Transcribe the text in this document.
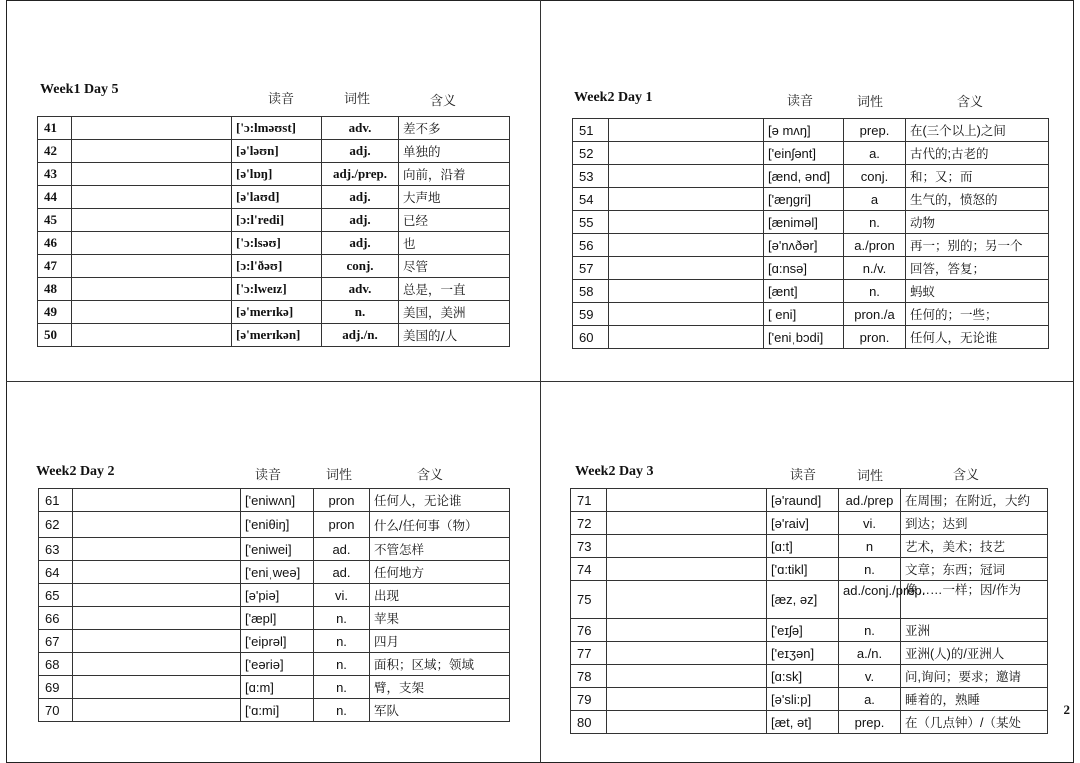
Week1 Day 5
读音	词性	含义
41		['ɔ:lməʊst]	adv.	差不多
42		[ə'ləʊn]	adj.	单独的
43		[ə'lɒŋ]	adj./prep.	向前，沿着
44		[ə'laʊd]	adj.	大声地
45		[ɔ:l'redi]	adj.	已经
46		['ɔ:lsəʊ]	adj.	也
47		[ɔ:l'ðəʊ]	conj.	尽管
48		['ɔ:lweɪz]	adv.	总是，一直
49		[ə'merɪkə]	n.	美国，美洲
50		[ə'merɪkən]	adj./n.	美国的/人
Week2 Day 1	读音	词性	含义
51		[ə mʌŋ]	prep.	在(三个以上)之间
52		['einʃənt]	a.	古代的;古老的
53		[ænd, ənd]	conj.	和；又；而
54		['æŋgri]	a	生气的，愤怒的
55		[ænimәl]	n.	动物
56		[ə'nʌðər]	a./pron	再一；别的；另一个
57		[ɑ:nsə]	n./v.	回答，答复；
58		[ænt]	n.	蚂蚁
59		[ eni]	pron./a	任何的；一些；
60		['eniˌbɔdi]	pron.	任何人，无论谁
Week2 Day 2	读音	词性	含义
61		['eniwʌn]	pron	任何人，无论谁
62		['eniθiŋ]	pron	什么/任何事（物）
63		['eniwei]	ad.	不管怎样
64		['eniˌweə]	ad.	任何地方
65		[ə'piə]	vi.	出现
66		['æpl]	n.	苹果
67		['eiprəl]	n.	四月
68		['eəriə]	n.	面积；区域；领域
69		[ɑ:m]	n.	臂，支架
70		['ɑ:mi]	n.	军队
Week2 Day 3	读音	词性	含义
71		[ə'raund]	ad./prep	在周围；在附近，大约
72		[ə'raiv]	vi.	到达；达到
73		[ɑ:t]	n	艺术，美术；技艺
74		['ɑ:tikl]	n.	文章；东西；冠词
75		[æz, əz]	ad./conj./prep.	像……一样；因/作为
76		['eɪʃə]	n.	亚洲
77		['eɪʒən]	a./n.	亚洲(人)的/亚洲人
78		[ɑ:sk]	v.	问,询问；要求；邀请
79		[ə'sli:p]	a.	睡着的，熟睡
80		[æt, ət]	prep.	在（几点钟）/（某处
2
